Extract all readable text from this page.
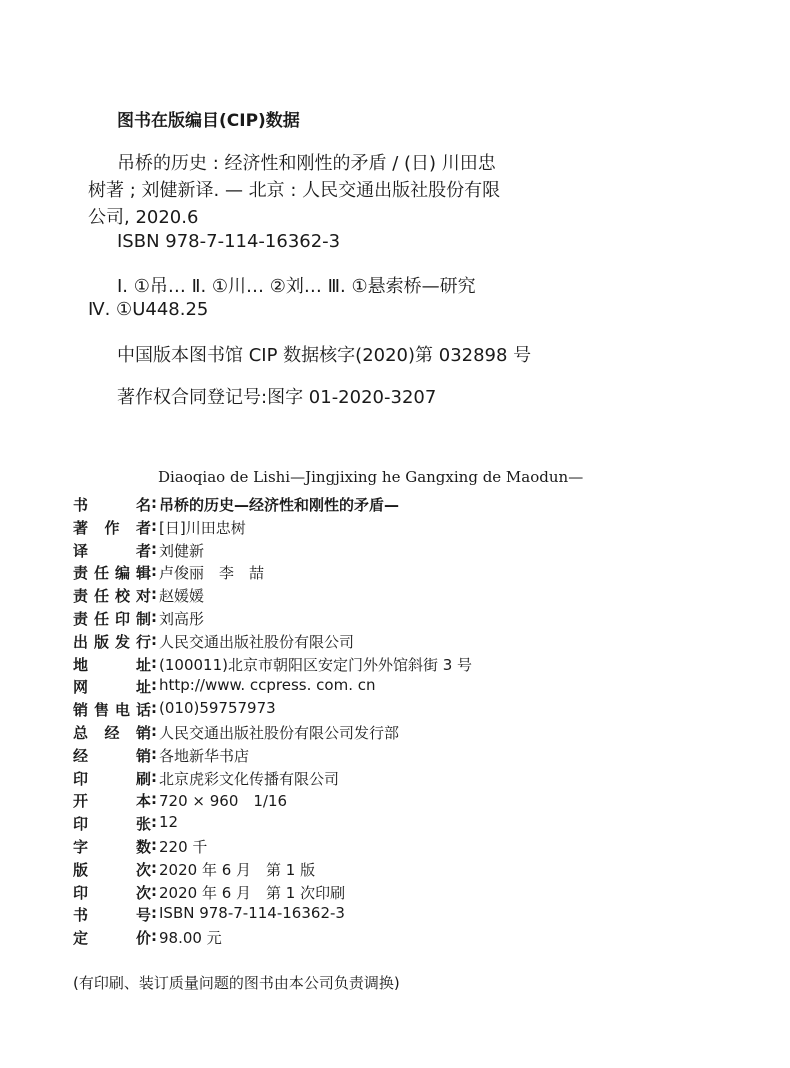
图书在版编目(CIP)数据
吊桥的历史 : 经济性和刚性的矛盾 / (日) 川田忠
树著 ; 刘健新译. — 北京 : 人民交通出版社股份有限
公司, 2020.6
ISBN 978-7-114-16362-3
Ⅰ. ①吊… Ⅱ. ①川… ②刘… Ⅲ. ①悬索桥—研究
Ⅳ. ①U448.25
中国版本图书馆 CIP 数据核字(2020)第 032898 号
著作权合同登记号:图字 01-2020-3207
Diaoqiao de Lishi—Jingjixing he Gangxing de Maodun—
书名 : 吊桥的历史—经济性和刚性的矛盾—
著作者 : [日]川田忠树
译者 : 刘健新
责任编辑 : 卢俊丽　李　喆
责任校对 : 赵媛媛
责任印制 : 刘高彤
出版发行 : 人民交通出版社股份有限公司
地址 : (100011)北京市朝阳区安定门外外馆斜街 3 号
网址 : http://www. ccpress. com. cn
销售电话 : (010)59757973
总经销 : 人民交通出版社股份有限公司发行部
经销 : 各地新华书店
印刷 : 北京虎彩文化传播有限公司
开本 : 720 × 960　1/16
印张 : 12
字数 : 220 千
版次 : 2020 年 6 月　第 1 版
印次 : 2020 年 6 月　第 1 次印刷
书号 : ISBN 978-7-114-16362-3
定价 : 98.00 元
(有印刷、装订质量问题的图书由本公司负责调换)
